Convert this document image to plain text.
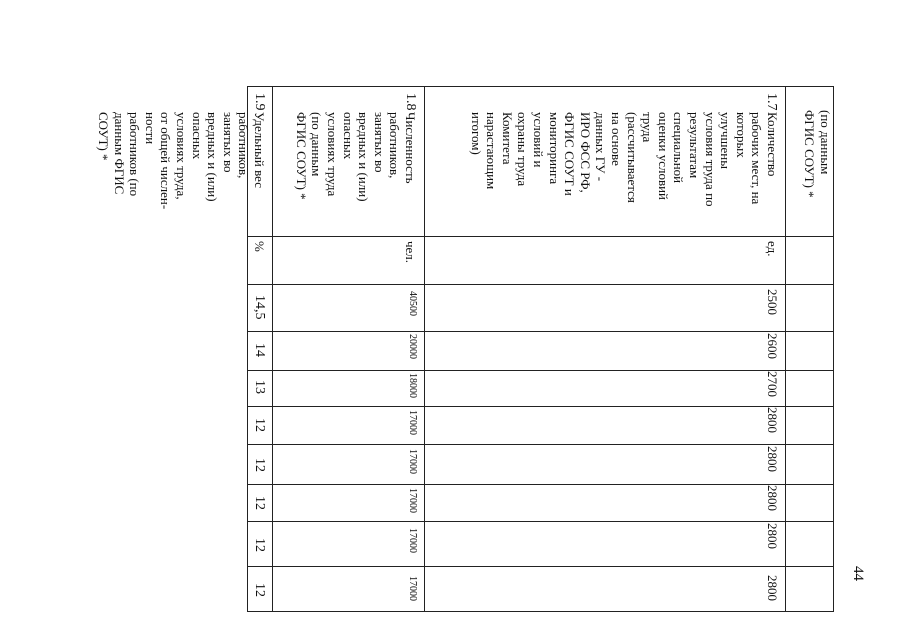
44
(по данным
ФГИС СОУТ) *
1.7
Количество
рабочих мест, на
которых
улучшены
условия труда по
результатам
специальной
оценки условий
труда
(рассчитывается
на основе
данных ГУ -
ИРО ФСС РФ,
ФГИС СОУТ и
мониторинга
условий и
охраны труда
Комитета
нарастающим
итогом)
ед.
2500
2600
2700
2800
2800
2800
2800
2800
1.8
Численность
работников,
занятых во
вредных и (или)
опасных
условиях труда
(по данным
ФГИС СОУТ) *
чел.
40500
20000
18000
17000
17000
17000
17000
17000
1.9
Удельный вес
работников,
занятых во
вредных и (или)
опасных
условиях труда,
от общей числен-
ности
работников (по
данным ФГИС
СОУТ) *
%
14,5
14
13
12
12
12
12
12
